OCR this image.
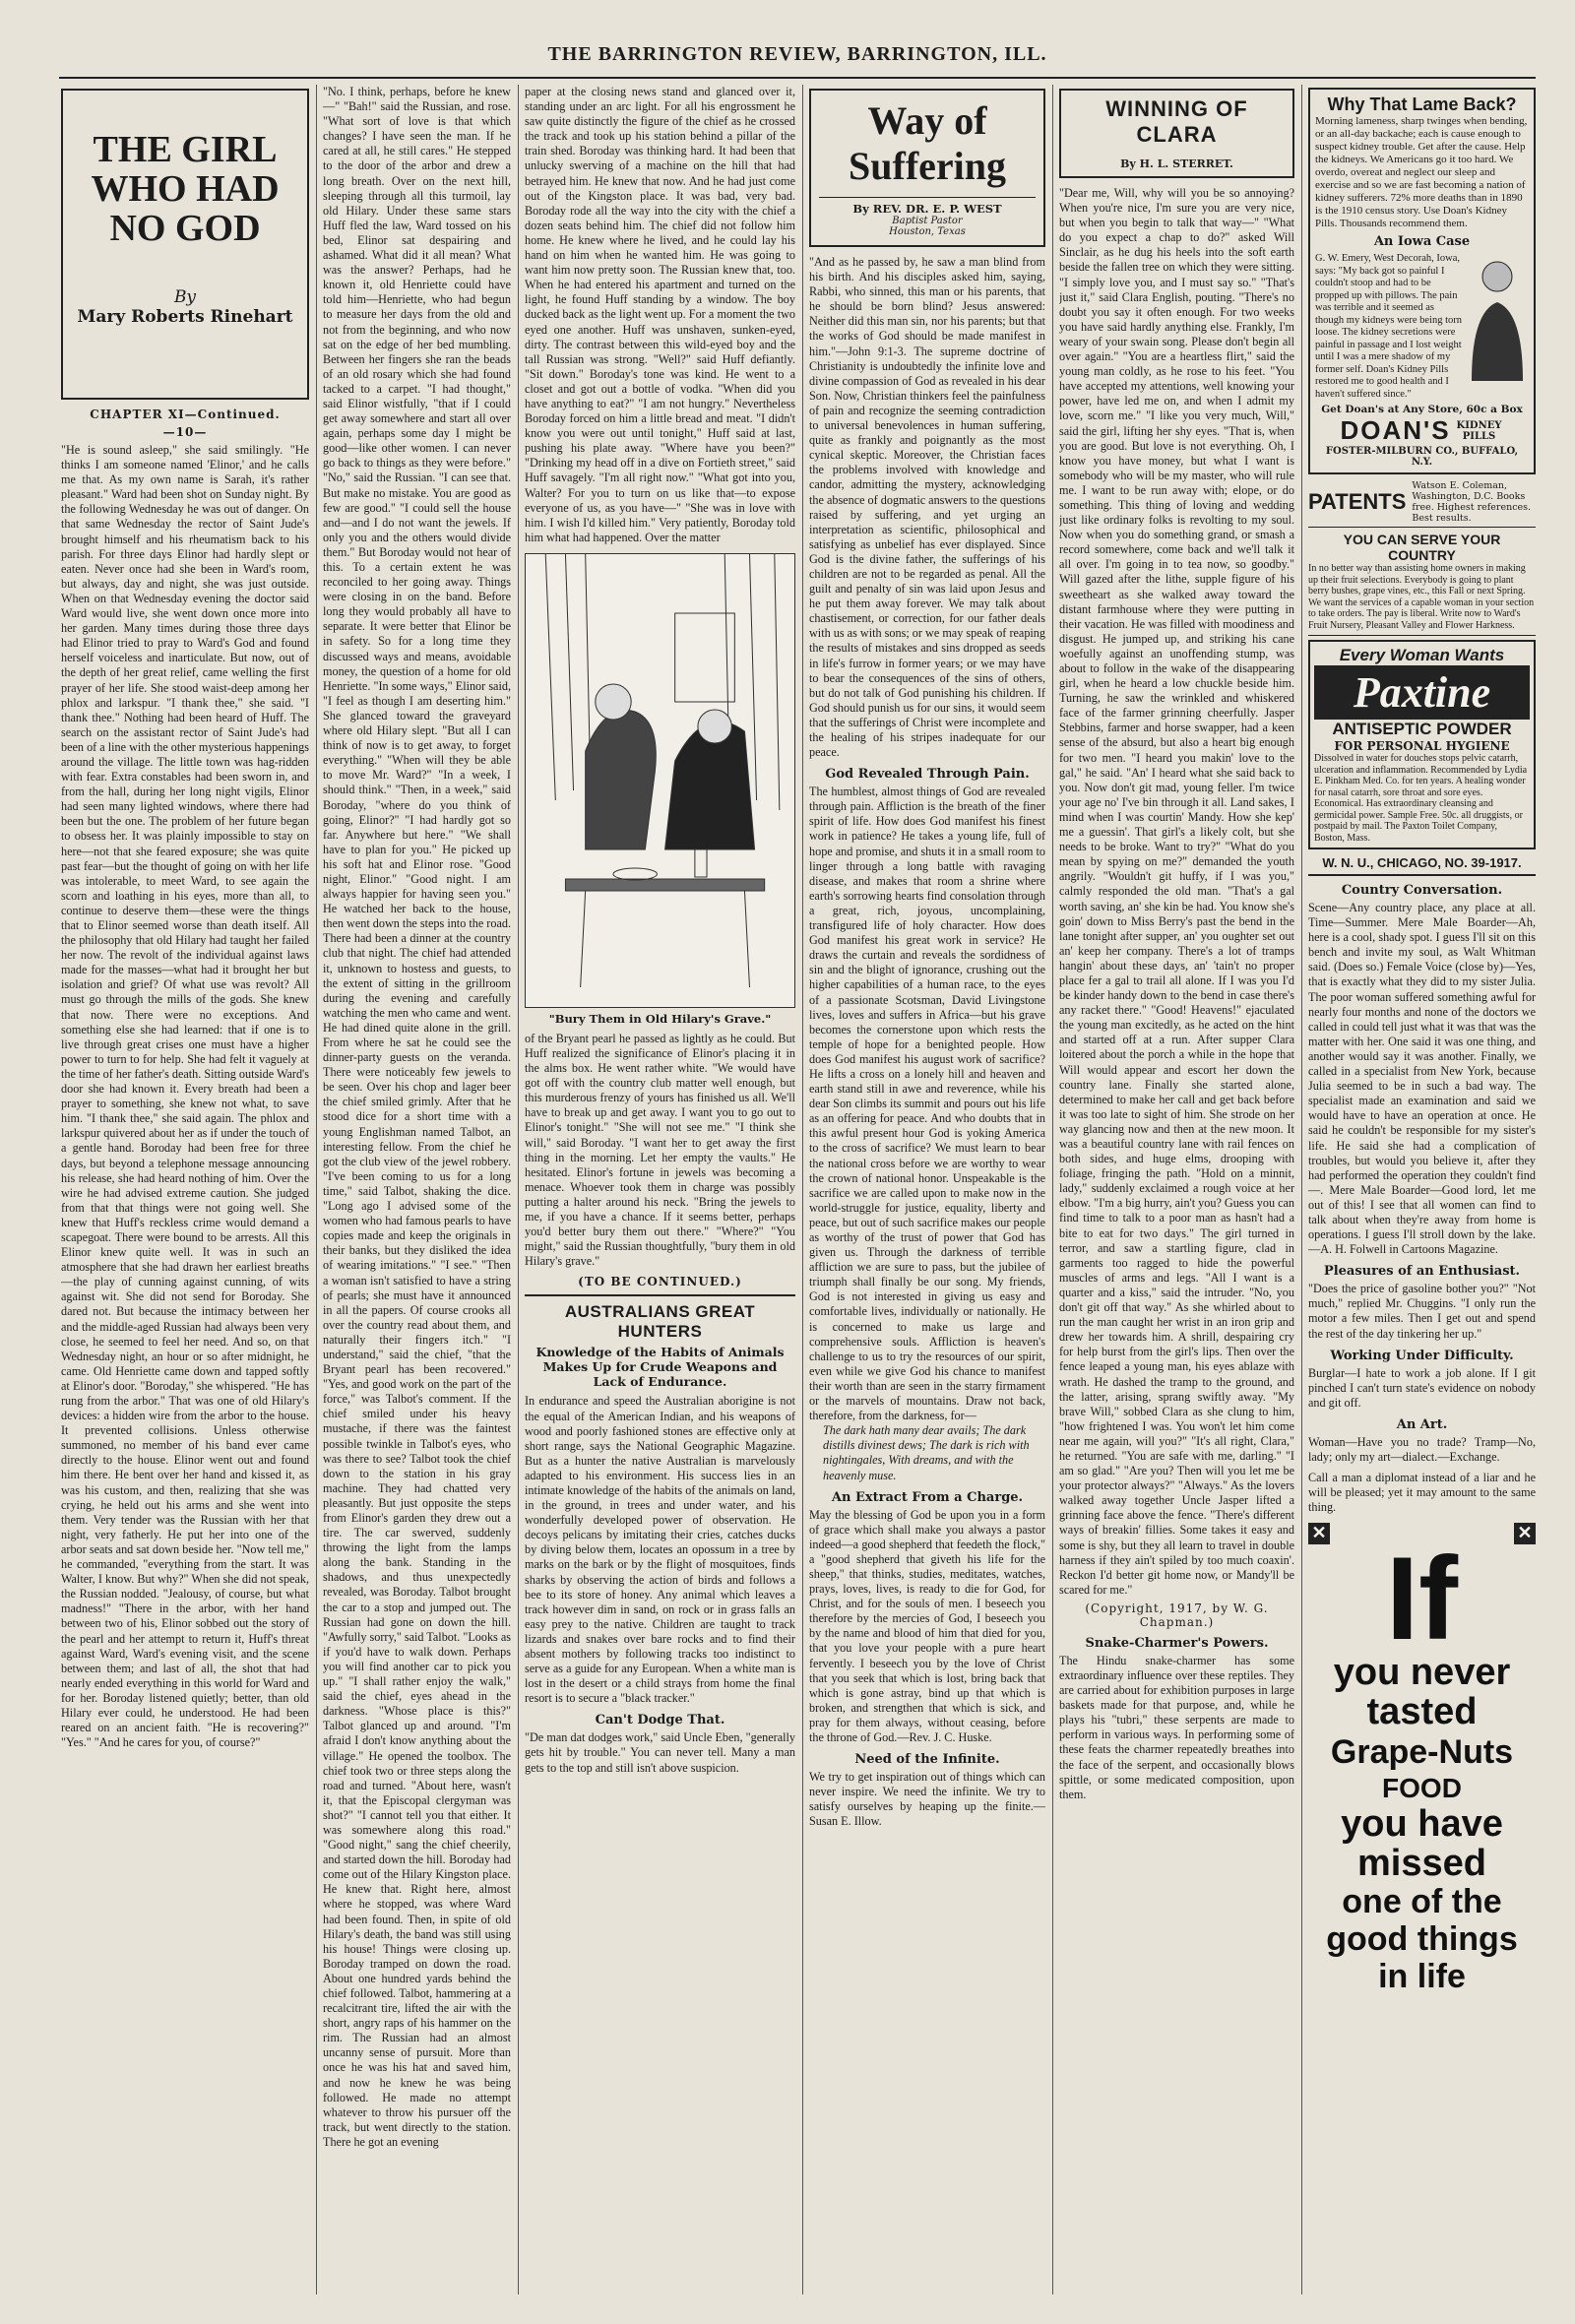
THE BARRINGTON REVIEW, BARRINGTON, ILL.
THE GIRL WHO HAD NO GOD
By
Mary Roberts Rinehart
CHAPTER XI—Continued.
—10—
"He is sound asleep," she said smilingly. "He thinks I am someone named 'Elinor,' and he calls me that. As my own name is Sarah, it's rather pleasant." Ward had been shot on Sunday night. By the following Wednesday he was out of danger. On that same Wednesday the rector of Saint Jude's brought himself and his rheumatism back to his parish. For three days Elinor had hardly slept or eaten. Never once had she been in Ward's room, but always, day and night, she was just outside. When on that Wednesday evening the doctor said Ward would live, she went down once more into her garden. Many times during those three days had Elinor tried to pray to Ward's God and found herself voiceless and inarticulate. But now, out of the depth of her great relief, came welling the first prayer of her life. She stood waist-deep among her phlox and larkspur. "I thank thee," she said. "I thank thee." Nothing had been heard of Huff. The search on the assistant rector of Saint Jude's had been of a line with the other mysterious happenings around the village. The little town was hag-ridden with fear. Extra constables had been sworn in, and from the hall, during her long night vigils, Elinor had seen many lighted windows, where there had been but the one. The problem of her future began to obsess her. It was plainly impossible to stay on here—not that she feared exposure; she was quite past fear—but the thought of going on with her life was intolerable, to meet Ward, to see again the scorn and loathing in his eyes, more than all, to continue to deserve them—these were the things that to Elinor seemed worse than death itself. All the philosophy that old Hilary had taught her failed her now. The revolt of the individual against laws made for the masses—what had it brought her but isolation and grief? Of what use was revolt? All must go through the mills of the gods. She knew that now. There were no exceptions. And something else she had learned: that if one is to live through great crises one must have a higher power to turn to for help. She had felt it vaguely at the time of her father's death. Sitting outside Ward's door she had known it. Every breath had been a prayer to something, she knew not what, to save him. "I thank thee," she said again. The phlox and larkspur quivered about her as if under the touch of a gentle hand. Boroday had been free for three days, but beyond a telephone message announcing his release, she had heard nothing of him. Over the wire he had advised extreme caution. She judged from that that things were not going well. She knew that Huff's reckless crime would demand a scapegoat. There were bound to be arrests. All this Elinor knew quite well. It was in such an atmosphere that she had drawn her earliest breaths—the play of cunning against cunning, of wits against wit. She did not send for Boroday. She dared not. But because the intimacy between her and the middle-aged Russian had always been very close, he seemed to feel her need. And so, on that Wednesday night, an hour or so after midnight, he came. Old Henriette came down and tapped softly at Elinor's door. "Boroday," she whispered. "He has rung from the arbor." That was one of old Hilary's devices: a hidden wire from the arbor to the house. It prevented collisions. Unless otherwise summoned, no member of his band ever came directly to the house. Elinor went out and found him there. He bent over her hand and kissed it, as was his custom, and then, realizing that she was crying, he held out his arms and she went into them. Very tender was the Russian with her that night, very fatherly. He put her into one of the arbor seats and sat down beside her. "Now tell me," he commanded, "everything from the start. It was Walter, I know. But why?" When she did not speak, the Russian nodded. "Jealousy, of course, but what madness!" "There in the arbor, with her hand between two of his, Elinor sobbed out the story of the pearl and her attempt to return it, Huff's threat against Ward, Ward's evening visit, and the scene between them; and last of all, the shot that had nearly ended everything in this world for Ward and for her. Boroday listened quietly; better, than old Hilary ever could, he understood. He had been reared on an ancient faith. "He is recovering?" "Yes." "And he cares for you, of course?"
"No. I think, perhaps, before he knew—" "Bah!" said the Russian, and rose. "What sort of love is that which changes? I have seen the man. If he cared at all, he still cares." He stepped to the door of the arbor and drew a long breath. Over on the next hill, sleeping through all this turmoil, lay old Hilary. Under these same stars Huff fled the law, Ward tossed on his bed, Elinor sat despairing and ashamed. What did it all mean? What was the answer? Perhaps, had he known it, old Henriette could have told him—Henriette, who had begun to measure her days from the old and not from the beginning, and who now sat on the edge of her bed mumbling. Between her fingers she ran the beads of an old rosary which she had found tacked to a carpet. "I had thought," said Elinor wistfully, "that if I could get away somewhere and start all over again, perhaps some day I might be good—like other women. I can never go back to things as they were before." "No," said the Russian. "I can see that. But make no mistake. You are good as few are good." "I could sell the house and—and I do not want the jewels. If only you and the others would divide them." But Boroday would not hear of this. To a certain extent he was reconciled to her going away. Things were closing in on the band. Before long they would probably all have to separate. It were better that Elinor be in safety. So for a long time they discussed ways and means, avoidable money, the question of a home for old Henriette. "In some ways," Elinor said, "I feel as though I am deserting him." She glanced toward the graveyard where old Hilary slept. "But all I can think of now is to get away, to forget everything." "When will they be able to move Mr. Ward?" "In a week, I should think." "Then, in a week," said Boroday, "where do you think of going, Elinor?" "I had hardly got so far. Anywhere but here." "We shall have to plan for you." He picked up his soft hat and Elinor rose. "Good night, Elinor." "Good night. I am always happier for having seen you." He watched her back to the house, then went down the steps into the road. There had been a dinner at the country club that night. The chief had attended it, unknown to hostess and guests, to the extent of sitting in the grillroom during the evening and carefully watching the men who came and went. He had dined quite alone in the grill. From where he sat he could see the dinner-party guests on the veranda. There were noticeably few jewels to be seen. Over his chop and lager beer the chief smiled grimly. After that he stood dice for a short time with a young Englishman named Talbot, an interesting fellow. From the chief he got the club view of the jewel robbery. "I've been coming to us for a long time," said Talbot, shaking the dice. "Long ago I advised some of the women who had famous pearls to have copies made and keep the originals in their banks, but they disliked the idea of wearing imitations." "I see." "Then a woman isn't satisfied to have a string of pearls; she must have it announced in all the papers. Of course crooks all over the country read about them, and naturally their fingers itch." "I understand," said the chief, "that the Bryant pearl has been recovered." "Yes, and good work on the part of the force," was Talbot's comment. If the chief smiled under his heavy mustache, if there was the faintest possible twinkle in Talbot's eyes, who was there to see? Talbot took the chief down to the station in his gray machine. They had chatted very pleasantly. But just opposite the steps from Elinor's garden they drew out a tire. The car swerved, suddenly throwing the light from the lamps along the bank. Standing in the shadows, and thus unexpectedly revealed, was Boroday. Talbot brought the car to a stop and jumped out. The Russian had gone on down the hill. "Awfully sorry," said Talbot. "Looks as if you'd have to walk down. Perhaps you will find another car to pick you up." "I shall rather enjoy the walk," said the chief, eyes ahead in the darkness. "Whose place is this?" Talbot glanced up and around. "I'm afraid I don't know anything about the village." He opened the toolbox. The chief took two or three steps along the road and turned. "About here, wasn't it, that the Episcopal clergyman was shot?" "I cannot tell you that either. It was somewhere along this road." "Good night," sang the chief cheerily, and started down the hill. Boroday had come out of the Hilary Kingston place. He knew that. Right here, almost where he stopped, was where Ward had been found. Then, in spite of old Hilary's death, the band was still using his house! Things were closing up. Boroday tramped on down the road. About one hundred yards behind the chief followed. Talbot, hammering at a recalcitrant tire, lifted the air with the short, angry raps of his hammer on the rim. The Russian had an almost uncanny sense of pursuit. More than once he was his hat and saved him, and now he knew he was being followed. He made no attempt whatever to throw his pursuer off the track, but went directly to the station. There he got an evening
paper at the closing news stand and glanced over it, standing under an arc light. For all his engrossment he saw quite distinctly the figure of the chief as he crossed the track and took up his station behind a pillar of the train shed. Boroday was thinking hard. It had been that unlucky swerving of a machine on the hill that had betrayed him. He knew that now. And he had just come out of the Kingston place. It was bad, very bad. Boroday rode all the way into the city with the chief a dozen seats behind him. The chief did not follow him home. He knew where he lived, and he could lay his hand on him when he wanted him. He was going to want him now pretty soon. The Russian knew that, too. When he had entered his apartment and turned on the light, he found Huff standing by a window. The boy ducked back as the light went up. For a moment the two eyed one another. Huff was unshaven, sunken-eyed, dirty. The contrast between this wild-eyed boy and the tall Russian was strong. "Well?" said Huff defiantly. "Sit down." Boroday's tone was kind. He went to a closet and got out a bottle of vodka. "When did you have anything to eat?" "I am not hungry." Nevertheless Boroday forced on him a little bread and meat. "I didn't know you were out until tonight," Huff said at last, pushing his plate away. "Where have you been?" "Drinking my head off in a dive on Fortieth street," said Huff savagely. "I'm all right now." "What got into you, Walter? For you to turn on us like that—to expose everyone of us, as you have—" "She was in love with him. I wish I'd killed him." Very patiently, Boroday told him what had happened. Over the matter
"Bury Them in Old Hilary's Grave."
of the Bryant pearl he passed as lightly as he could. But Huff realized the significance of Elinor's placing it in the alms box. He went rather white. "We would have got off with the country club matter well enough, but this murderous frenzy of yours has finished us all. We'll have to break up and get away. I want you to go out to Elinor's tonight." "She will not see me." "I think she will," said Boroday. "I want her to get away the first thing in the morning. Let her empty the vaults." He hesitated. Elinor's fortune in jewels was becoming a menace. Whoever took them in charge was possibly putting a halter around his neck. "Bring the jewels to me, if you have a chance. If it seems better, perhaps you'd better bury them out there." "Where?" "You might," said the Russian thoughtfully, "bury them in old Hilary's grave."
(TO BE CONTINUED.)
AUSTRALIANS GREAT HUNTERS
Knowledge of the Habits of Animals Makes Up for Crude Weapons and Lack of Endurance.
In endurance and speed the Australian aborigine is not the equal of the American Indian, and his weapons of wood and poorly fashioned stones are effective only at short range, says the National Geographic Magazine. But as a hunter the native Australian is marvelously adapted to his environment. His success lies in an intimate knowledge of the habits of the animals on land, in the ground, in trees and under water, and his wonderfully developed power of observation. He decoys pelicans by imitating their cries, catches ducks by diving below them, locates an opossum in a tree by marks on the bark or by the flight of mosquitoes, finds sharks by observing the action of birds and follows a bee to its store of honey. Any animal which leaves a track however dim in sand, on rock or in grass falls an easy prey to the native. Children are taught to track lizards and snakes over bare rocks and to find their absent mothers by following tracks too indistinct to serve as a guide for any European. When a white man is lost in the desert or a child strays from home the final resort is to secure a "black tracker."
Can't Dodge That.
"De man dat dodges work," said Uncle Eben, "generally gets hit by trouble." You can never tell. Many a man gets to the top and still isn't above suspicion.
Way of Suffering
By REV. DR. E. P. WEST
Baptist Pastor
Houston, Texas
"And as he passed by, he saw a man blind from his birth. And his disciples asked him, saying, Rabbi, who sinned, this man or his parents, that he should be born blind? Jesus answered: Neither did this man sin, nor his parents; but that the works of God should be made manifest in him."—John 9:1-3. The supreme doctrine of Christianity is undoubtedly the infinite love and divine compassion of God as revealed in his dear Son. Now, Christian thinkers feel the painfulness of pain and recognize the seeming contradiction to universal benevolences in human suffering, quite as frankly and poignantly as the most cynical skeptic. Moreover, the Christian faces the problems involved with knowledge and candor, admitting the mystery, acknowledging the absence of dogmatic answers to the questions raised by suffering, and yet urging an interpretation as scientific, philosophical and satisfying as unbelief has ever displayed. Since God is the divine father, the sufferings of his children are not to be regarded as penal. All the guilt and penalty of sin was laid upon Jesus and he put them away forever. We may talk about chastisement, or correction, for our father deals with us as with sons; or we may speak of reaping the results of mistakes and sins dropped as seeds in life's furrow in former years; or we may have to bear the consequences of the sins of others, but do not talk of God punishing his children. If God should punish us for our sins, it would seem that the sufferings of Christ were incomplete and the healing of his stripes inadequate for our peace.
God Revealed Through Pain.
The humblest, almost things of God are revealed through pain. Affliction is the breath of the finer spirit of life. How does God manifest his finest work in patience? He takes a young life, full of hope and promise, and shuts it in a small room to linger through a long battle with ravaging disease, and makes that room a shrine where earth's sorrowing hearts find consolation through a great, rich, joyous, uncomplaining, transfigured life of holy character. How does God manifest his great work in service? He draws the curtain and reveals the sordidness of sin and the blight of ignorance, crushing out the higher capabilities of a human race, to the eyes of a passionate Scotsman, David Livingstone lives, loves and suffers in Africa—but his grave becomes the cornerstone upon which rests the temple of hope for a benighted people. How does God manifest his august work of sacrifice? He lifts a cross on a lonely hill and heaven and earth stand still in awe and reverence, while his dear Son climbs its summit and pours out his life as an offering for peace. And who doubts that in this awful present hour God is yoking America to the cross of sacrifice? We must learn to bear the national cross before we are worthy to wear the crown of national honor. Unspeakable is the sacrifice we are called upon to make now in the world-struggle for justice, equality, liberty and peace, but out of such sacrifice makes our people as worthy of the trust of power that God has given us. Through the darkness of terrible affliction we are sure to pass, but the jubilee of triumph shall finally be our song. My friends, God is not interested in giving us easy and comfortable lives, individually or nationally. He is concerned to make us large and comprehensive souls. Affliction is heaven's challenge to us to try the resources of our spirit, even while we give God his chance to manifest their worth than are seen in the starry firmament or the marvels of mountains. Draw not back, therefore, from the darkness, for—
The dark hath many dear avails; The dark distills divinest dews; The dark is rich with nightingales, With dreams, and with the heavenly muse.
An Extract From a Charge.
May the blessing of God be upon you in a form of grace which shall make you always a pastor indeed—a good shepherd that feedeth the flock," a "good shepherd that giveth his life for the sheep," that thinks, studies, meditates, watches, prays, loves, lives, is ready to die for God, for Christ, and for the souls of men. I beseech you therefore by the mercies of God, I beseech you by the name and blood of him that died for you, that you love your people with a pure heart fervently. I beseech you by the love of Christ that you seek that which is lost, bring back that which is gone astray, bind up that which is broken, and strengthen that which is sick, and pray for them always, without ceasing, before the throne of God.—Rev. J. C. Huske.
Need of the Infinite.
We try to get inspiration out of things which can never inspire. We need the infinite. We try to satisfy ourselves by heaping up the finite.—Susan E. Illow.
WINNING OF CLARA
By H. L. STERRET.
"Dear me, Will, why will you be so annoying? When you're nice, I'm sure you are very nice, but when you begin to talk that way—" "What do you expect a chap to do?" asked Will Sinclair, as he dug his heels into the soft earth beside the fallen tree on which they were sitting. "I simply love you, and I must say so." "That's just it," said Clara English, pouting. "There's no doubt you say it often enough. For two weeks you have said hardly anything else. Frankly, I'm weary of your swain song. Please don't begin all over again." "You are a heartless flirt," said the young man coldly, as he rose to his feet. "You have accepted my attentions, well knowing your power, have led me on, and when I admit my love, scorn me." "I like you very much, Will," said the girl, lifting her shy eyes. "That is, when you are good. But love is not everything. Oh, I know you have money, but what I want is somebody who will be my master, who will rule me. I want to be run away with; elope, or do something. This thing of loving and wedding just like ordinary folks is revolting to my soul. Now when you do something grand, or smash a record somewhere, come back and we'll talk it all over. I'm going in to tea now, so goodby." Will gazed after the lithe, supple figure of his sweetheart as she walked away toward the distant farmhouse where they were putting in their vacation. He was filled with moodiness and disgust. He jumped up, and striking his cane woefully against an unoffending stump, was about to follow in the wake of the disappearing girl, when he heard a low chuckle beside him. Turning, he saw the wrinkled and whiskered face of the farmer grinning cheerfully. Jasper Stebbins, farmer and horse swapper, had a keen sense of the absurd, but also a heart big enough for two men. "I heard you makin' love to the gal," he said. "An' I heard what she said back to you. Now don't git mad, young feller. I'm twice your age no' I've bin through it all. Land sakes, I mind when I was courtin' Mandy. How she kep' me a guessin'. That girl's a likely colt, but she needs to be broke. Want to try?" "What do you mean by spying on me?" demanded the youth angrily. "Wouldn't git huffy, if I was you," calmly responded the old man. "That's a gal worth saving, an' she kin be had. You know she's goin' down to Miss Berry's past the bend in the lane tonight after supper, an' you oughter set out an' keep her company. There's a lot of tramps hangin' about these days, an' 'tain't no proper place fer a gal to trail all alone. If I was you I'd be kinder handy down to the bend in case there's any racket there." "Good! Heavens!" ejaculated the young man excitedly, as he acted on the hint and started off at a run. After supper Clara loitered about the porch a while in the hope that Will would appear and escort her down the country lane. Finally she started alone, determined to make her call and get back before it was too late to sight of him. She strode on her way glancing now and then at the new moon. It was a beautiful country lane with rail fences on both sides, and huge elms, drooping with foliage, fringing the path. "Hold on a minnit, lady," suddenly exclaimed a rough voice at her elbow. "I'm a big hurry, ain't you? Guess you can find time to talk to a poor man as hasn't had a bite to eat for two days." The girl turned in terror, and saw a startling figure, clad in garments too ragged to hide the powerful muscles of arms and legs. "All I want is a quarter and a kiss," said the intruder. "No, you don't git off that way." As she whirled about to run the man caught her wrist in an iron grip and drew her towards him. A shrill, despairing cry for help burst from the girl's lips. Then over the fence leaped a young man, his eyes ablaze with wrath. He dashed the tramp to the ground, and the latter, arising, sprang swiftly away. "My brave Will," sobbed Clara as she clung to him, "how frightened I was. You won't let him come near me again, will you?" "It's all right, Clara," he returned. "You are safe with me, darling." "I am so glad." "Are you? Then will you let me be your protector always?" "Always." As the lovers walked away together Uncle Jasper lifted a grinning face above the fence. "There's different ways of breakin' fillies. Some takes it easy and some is shy, but they all learn to travel in double harness if they ain't spiled by too much coaxin'. Reckon I'd better git home now, or Mandy'll be scared for me."
(Copyright, 1917, by W. G. Chapman.)
Snake-Charmer's Powers.
The Hindu snake-charmer has some extraordinary influence over these reptiles. They are carried about for exhibition purposes in large baskets made for that purpose, and, while he plays his "tubri," these serpents are made to perform in various ways. In performing some of these feats the charmer repeatedly breathes into the face of the serpent, and occasionally blows spittle, or some medicated composition, upon them.
Why That Lame Back?
Morning lameness, sharp twinges when bending, or an all-day backache; each is cause enough to suspect kidney trouble. Get after the cause. Help the kidneys. We Americans go it too hard. We overdo, overeat and neglect our sleep and exercise and so we are fast becoming a nation of kidney sufferers. 72% more deaths than in 1890 is the 1910 census story. Use Doan's Kidney Pills. Thousands recommend them.
An Iowa Case
G. W. Emery, West Decorah, Iowa, says: "My back got so painful I couldn't stoop and had to be propped up with pillows. The pain was terrible and it seemed as though my kidneys were being torn loose. The kidney secretions were painful in passage and I lost weight until I was a mere shadow of my former self. Doan's Kidney Pills restored me to good health and I haven't suffered since."
Get Doan's at Any Store, 60c a Box
DOAN'S KIDNEY PILLS
FOSTER-MILBURN CO., BUFFALO, N.Y.
PATENTS
Watson E. Coleman, Washington, D.C. Books free. Highest references. Best results.
YOU CAN SERVE YOUR COUNTRY
In no better way than assisting home owners in making up their fruit selections. Everybody is going to plant berry bushes, grape vines, etc., this Fall or next Spring. We want the services of a capable woman in your section to take orders. The pay is liberal. Write now to Ward's Fruit Nursery, Pleasant Valley and Flower Harkness.
Every Woman Wants
Paxtine
ANTISEPTIC POWDER
FOR PERSONAL HYGIENE
Dissolved in water for douches stops pelvic catarrh, ulceration and inflammation. Recommended by Lydia E. Pinkham Med. Co. for ten years. A healing wonder for nasal catarrh, sore throat and sore eyes. Economical. Has extraordinary cleansing and germicidal power. Sample Free. 50c. all druggists, or postpaid by mail. The Paxton Toilet Company, Boston, Mass.
W. N. U., CHICAGO, NO. 39-1917.
Country Conversation.
Scene—Any country place, any place at all. Time—Summer. Mere Male Boarder—Ah, here is a cool, shady spot. I guess I'll sit on this bench and invite my soul, as Walt Whitman said. (Does so.) Female Voice (close by)—Yes, that is exactly what they did to my sister Julia. The poor woman suffered something awful for nearly four months and none of the doctors we called in could tell just what it was that was the matter with her. One said it was one thing, and another would say it was another. Finally, we called in a specialist from New York, because Julia seemed to be in such a bad way. The specialist made an examination and said we would have to have an operation at once. He said he couldn't be responsible for my sister's life. He said she had a complication of troubles, but would you believe it, after they had performed the operation they couldn't find—. Mere Male Boarder—Good lord, let me out of this! I see that all women can find to talk about when they're away from home is operations. I guess I'll stroll down by the lake.—A. H. Folwell in Cartoons Magazine.
Pleasures of an Enthusiast.
"Does the price of gasoline bother you?" "Not much," replied Mr. Chuggins. "I only run the motor a few miles. Then I get out and spend the rest of the day tinkering her up."
Working Under Difficulty.
Burglar—I hate to work a job alone. If I git pinched I can't turn state's evidence on nobody and git off.
An Art.
Woman—Have you no trade? Tramp—No, lady; only my art—dialect.—Exchange.
Call a man a diplomat instead of a liar and he will be pleased; yet it may amount to the same thing.
✕	✕
If
you never
tasted
Grape-Nuts
FOOD
you have
missed
one of the
good things
in life
